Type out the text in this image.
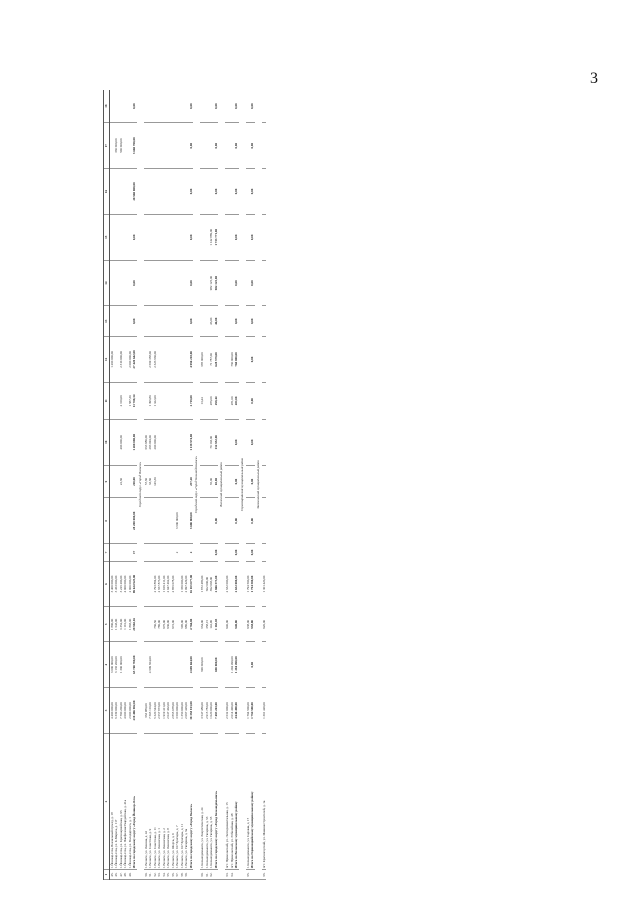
3
1	2	3	4	5	6	7	8	9	10	11	12	13	14	15	16	17	18
45.	г. Йошкар-Ола, Вокзальный проезд, д. 18	4 400 000,00	3 000 000,00	1 800,00	3 400 000,00						1 200 000,00						
46.	г. Йошкар-Ола, ул. К.Маркса, д. 117	6 339 000,00	3 136 200,00	1 643,00	3 463 000,00											360 000,00	
47.	г. Йошкар-Ола, ул. Красноармейская, д. 95	7 790 200,00	1 300 000,00	3 352,00	3 226 200,00			22,60	400 000,00	2 310,00	2 310 000,00					500 000,00	
48.	г. Йошкар-Ола, ул. Панфилова/Гвардейская, д. 41а	4 000 000,00		1 110,00	4 000 000,00												
49.	г. Йошкар-Ола, ул. Володарского, д. 1	2 000 000,00		1 893,00	2 000 000,00					1 587,30	2 000 000,00						
	Итого по городскому округу «Город Йошкар-Ола»	210 406 982,00	65 760 700,00	29 902,16	89 624 925,00	17	28 200 000,00	210,00	1 200 000,00	11 780,34	27 420 642,00	0,00	0,00	0,00	20 960 000,00	3 660 700,00	0,00
Городской округ «Город Волжск»																	
50.	г. Волжск, ул. Ленина, д. 42	663 980,00						57,60	663 980,00								
51.	г. Волжск, ул. Советская, д. 9	7 505 110,00	4 609 664,00					33,60	296 094,00	1 396,80	2 669 358,00						
52.	г. Волжск, ул. Советская, д. 11	5 320 544,00		760,50	2 793 884,00			146,30	200 000,00	1 322,00	2 326 660,00						
53.	г. Волжск, ул. Ленинская, д. 1	2 657 873,00		780,00	2 657 873,00												
54.	г. Волжск, ул. Ленинская, д. 2	1 919 411,00		976,00	1 919 411,00												
55.	г. Волжск, ул. Ленинская, д. 8	2 047 402,00		930,00	2 047 402,00												
56.	г. Волжск, ул. Шорса, д. 9	2 865 078,00		972,00	2 865 078,00												
57.	г. Волжск, ул. 107 Бригады, д. 7	3 600 000,00				2	3 600 000,00										
58.	г. Волжск, ул. 107 Бригады, д. 11	1 350 000,00		596,00	1 350 000,00												
59.	г. Волжск, ул. Гагарина, д. 6а	2 097 429,00		980,00	2 097 429,00												
	Итого по городскому округу «Город Волжск»	30 358 913,00	4 609 664,00	4 766,00	16 103 077,00	2	3 600 000,00	237,20	1 139 974,00	2 719,00	4 996 218,00	0,00	0,00	0,00	0,00	0,00	0,00
Городской округ «Город Козьмодемьянск»																	
60.	г. Козьмодемьянск, ул. Энергетическая, д. 24	3 547 480,00	690 000,00	664,00	1 872 480,00					13,44	685 000,00						
61.	г. Козьмодемьянск, ул. Гагарина, д. 53	2 915 783,00		358,15	602 000,00												
62.	г. Козьмодемьянск, ул. Гагарина, д. 65	1 020 000,00		142,90	392 093,00			65,00	70 103,00	286,00	71 787,00	46,00	982 125,00	1 142 889,00			
	Итого по городскому округу «Город Козьмодемьянск»	7 483 263,00	690 000,00	1 165,05	2 866 573,00	0,00	0,00	65,00	132 952,00	299,44	628 579,00	46,00	982 125,00	1 733 771,00	0,00	0,00	0,00
Волжский муниципальный район																	
63.	пгт. Приволжский, ул. Экспериментальная, д. 15	2 632 000,00		940,00	2 632 000,00												
64.	пгт. Приволжский, ул. Юбилейная, д. 48	2 014 490,00	1 294 490,00							281,00	760 000,00						
	Итого по Волжскому муниципальному району	4 646 490,00	1 294 490,00	940,00	2 632 000,00	0,00	0,00	0,00	0,00	281,00	760 000,00	0,00	0,00	0,00	0,00	0,00	0,00
Горномарийский муниципальный район																	
65.	г. Козьмодемьянск, ул. Садовая, д. 17	1 794 500,00		938,00	1 794 500,00												
	Итого по Горномарийскому муниципальному району	1 794 500,00	0,00	938,00	1 794 500,00	0,00	0,00	0,00	0,00	0,00	0,00	0,00	0,00	0,00	0,00	0,00	0,00
Звениговский муниципальный район																	
66.	пгт. Красногорский, ул. Машиностроителей, д. 1а	1 301 420,00		920,00	1 301 420,00												
